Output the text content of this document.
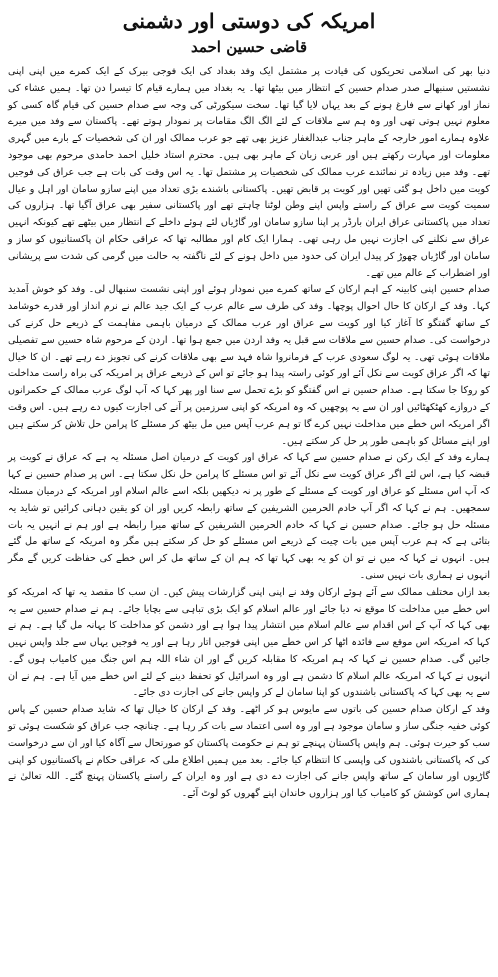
امریکہ کی دوستی اور دشمنی
قاضی حسین احمد

دنیا بھر کی اسلامی تحریکوں کی قیادت پر مشتمل ایک وفد بغداد کی ایک فوجی بیرک کے ایک کمرے میں اپنی اپنی نشستیں سنبھالے صدر صدام حسین کے انتظار میں بیٹھا تھا۔ یہ بغداد میں ہمارے قیام کا تیسرا دن تھا۔ ہمیں عشاء کی نماز اور کھانے سے فارغ ہونے کے بعد یہاں لایا گیا تھا۔ سخت سیکورٹی کی وجہ سے صدام حسین کی قیام گاہ کسی کو معلوم نہیں ہوتی تھی اور وہ ہم سے ملاقات کے لئے الگ الگ مقامات پر نمودار ہوتے تھے۔ پاکستان سے وفد میں میرے علاوہ ہمارے امور خارجہ کے ماہر جناب عبدالغفار عزیز بھی تھے جو عرب ممالک اور ان کی شخصیات کے بارے میں گہری معلومات اور مہارت رکھتے ہیں اور عربی زبان کے ماہر بھی ہیں۔ محترم استاد خلیل احمد حامدی مرحوم بھی موجود تھے۔ وفد میں زیادہ تر نمائندے عرب ممالک کی شخصیات پر مشتمل تھا۔ یہ اس وقت کی بات ہے جب عراق کی فوجیں کویت میں داخل ہو گئی تھیں اور کویت پر قابض تھیں۔ پاکستانی باشندے بڑی تعداد میں اپنے سازو سامان اور اہل و عیال سمیت کویت سے عراق کے راستے واپس اپنے وطن لوٹنا چاہتے تھے اور پاکستانی سفیر بھی عراق آگیا تھا۔ ہزاروں کی تعداد میں پاکستانی عراق ایران بارڈر پر اپنا سازو سامان اور گاڑیاں لئے ہوئے داخلے کے انتظار میں بیٹھے تھے کیونکہ انہیں عراق سے نکلنے کی اجازت نہیں مل رہی تھی۔ ہمارا ایک کام اور مطالبہ تھا کہ عراقی حکام ان پاکستانیوں کو ساز و سامان اور گاڑیاں چھوڑ کر پیدل ایران کی حدود میں داخل ہونے کے لئے ناگفتہ بہ حالت میں گرمی کی شدت سے پریشانی اور اضطراب کے عالم میں تھے۔

صدام حسین اپنی کابینہ کے اہم ارکان کے ساتھ کمرے میں نمودار ہوئے اور اپنی نشست سنبھال لی۔ وفد کو خوش آمدید کہا۔ وفد کے ارکان کا حال احوال پوچھا۔ وفد کی طرف سے عالم عرب کے ایک جید عالم نے نرم انداز اور قدرے خوشامد کے ساتھ گفتگو کا آغاز کیا اور کویت سے عراق اور عرب ممالک کے درمیان باہمی مفاہمت کے ذریعے حل کرنے کی درخواست کی۔ صدام حسین سے ملاقات سے قبل یہ وفد اردن میں جمع ہوا تھا۔ اردن کے مرحوم شاہ حسین سے تفصیلی ملاقات ہوئی تھی۔ یہ لوگ سعودی عرب کے فرمانروا شاہ فہد سے بھی ملاقات کرنے کی تجویز دے رہے تھے۔ ان کا خیال تھا کہ اگر عراق کویت سے نکل آئے اور کوئی راستہ پیدا ہو جائے تو اس کے ذریعے عراق پر امریکہ کی براہ راست مداخلت کو روکا جا سکتا ہے۔ صدام حسین نے اس گفتگو کو بڑے تحمل سے سنا اور پھر کہا کہ آپ لوگ عرب ممالک کے حکمرانوں کے دروازے کھٹکھٹائیں اور ان سے یہ پوچھیں کہ وہ امریکہ کو اپنی سرزمین پر آنے کی اجازت کیوں دے رہے ہیں۔ اس وقت اگر امریکہ اس خطے میں مداخلت نہیں کرے گا تو ہم عرب آپس میں مل بیٹھ کر مسئلے کا پرامن حل تلاش کر سکتے ہیں اور اپنے مسائل کو باہمی طور پر حل کر سکتے ہیں۔

ہمارے وفد کے ایک رکن نے صدام حسین سے کہا کہ عراق اور کویت کے درمیان اصل مسئلہ یہ ہے کہ عراق نے کویت پر قبضہ کیا ہے، اس لئے اگر عراق کویت سے نکل آئے تو اس مسئلے کا پرامن حل نکل سکتا ہے۔ اس پر صدام حسین نے کہا کہ آپ اس مسئلے کو عراق اور کویت کے مسئلے کے طور پر نہ دیکھیں بلکہ اسے عالم اسلام اور امریکہ کے درمیان مسئلہ سمجھیں۔ ہم نے کہا کہ اگر آپ خادم الحرمین الشریفین کے ساتھ رابطہ کریں اور ان کو یقین دہانی کرائیں تو شاید یہ مسئلہ حل ہو جائے۔ صدام حسین نے کہا کہ خادم الحرمین الشریفین کے ساتھ میرا رابطہ ہے اور ہم نے انہیں یہ بات بتائی ہے کہ ہم عرب آپس میں بات چیت کے ذریعے اس مسئلے کو حل کر سکتے ہیں مگر وہ امریکہ کے ساتھ مل گئے ہیں۔ انہوں نے کہا کہ میں نے تو ان کو یہ بھی کہا تھا کہ ہم ان کے ساتھ مل کر اس خطے کی حفاظت کریں گے مگر انہوں نے ہماری بات نہیں سنی۔

بعد ازاں مختلف ممالک سے آئے ہوئے ارکان وفد نے اپنی اپنی گزارشات پیش کیں۔ ان سب کا مقصد یہ تھا کہ امریکہ کو اس خطے میں مداخلت کا موقع نہ دیا جائے اور عالم اسلام کو ایک بڑی تباہی سے بچایا جائے۔ ہم نے صدام حسین سے یہ بھی کہا کہ آپ کے اس اقدام سے عالم اسلام میں انتشار پیدا ہوا ہے اور دشمن کو مداخلت کا بہانہ مل گیا ہے۔ ہم نے کہا کہ امریکہ اس موقع سے فائدہ اٹھا کر اس خطے میں اپنی فوجیں اتار رہا ہے اور یہ فوجیں یہاں سے جلد واپس نہیں جائیں گی۔ صدام حسین نے کہا کہ ہم امریکہ کا مقابلہ کریں گے اور ان شاء اللہ ہم اس جنگ میں کامیاب ہوں گے۔ انہوں نے کہا کہ امریکہ عالم اسلام کا دشمن ہے اور وہ اسرائیل کو تحفظ دینے کے لئے اس خطے میں آیا ہے۔ ہم نے ان سے یہ بھی کہا کہ پاکستانی باشندوں کو اپنا سامان لے کر واپس جانے کی اجازت دی جائے۔

وفد کے ارکان صدام حسین کی باتوں سے مایوس ہو کر اٹھے۔ وفد کے ارکان کا خیال تھا کہ شاید صدام حسین کے پاس کوئی خفیہ جنگی ساز و سامان موجود ہے اور وہ اسی اعتماد سے بات کر رہا ہے۔ چنانچہ جب عراق کو شکست ہوئی تو سب کو حیرت ہوئی۔ ہم واپس پاکستان پہنچے تو ہم نے حکومت پاکستان کو صورتحال سے آگاہ کیا اور ان سے درخواست کی کہ پاکستانی باشندوں کی واپسی کا انتظام کیا جائے۔ بعد میں ہمیں اطلاع ملی کہ عراقی حکام نے پاکستانیوں کو اپنی گاڑیوں اور سامان کے ساتھ واپس جانے کی اجازت دے دی ہے اور وہ ایران کے راستے پاکستان پہنچ گئے۔ اللہ تعالیٰ نے ہماری اس کوشش کو کامیاب کیا اور ہزاروں خاندان اپنے گھروں کو لوٹ آئے۔
